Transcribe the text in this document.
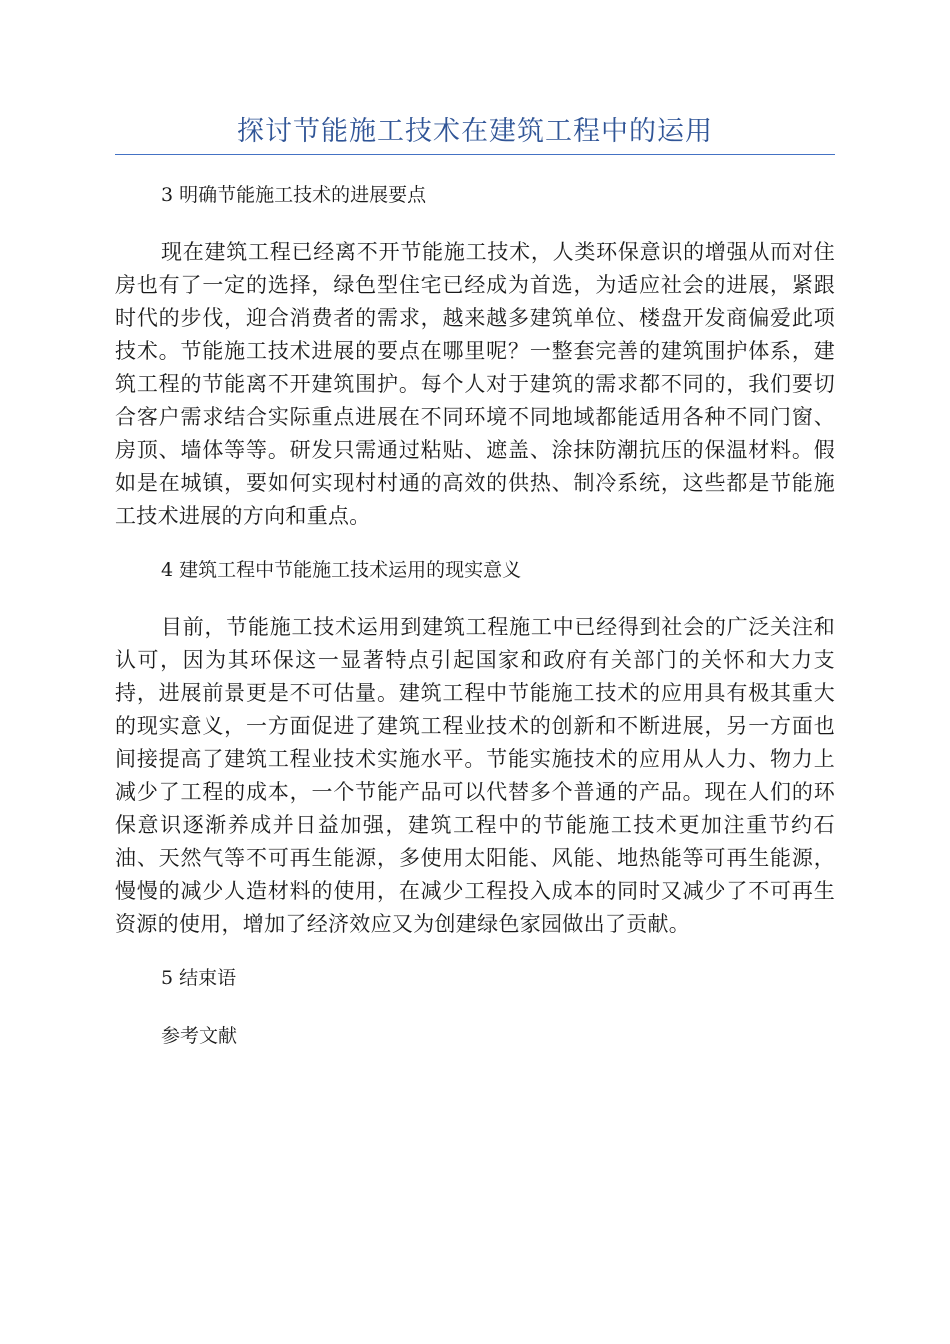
探讨节能施工技术在建筑工程中的运用
3 明确节能施工技术的进展要点

现在建筑工程已经离不开节能施工技术，人类环保意识的增强从而对住房也有了一定的选择，绿色型住宅已经成为首选，为适应社会的进展，紧跟时代的步伐，迎合消费者的需求，越来越多建筑单位、楼盘开发商偏爱此项技术。节能施工技术进展的要点在哪里呢？一整套完善的建筑围护体系，建筑工程的节能离不开建筑围护。每个人对于建筑的需求都不同的，我们要切合客户需求结合实际重点进展在不同环境不同地域都能适用各种不同门窗、房顶、墙体等等。研发只需通过粘贴、遮盖、涂抹防潮抗压的保温材料。假如是在城镇，要如何实现村村通的高效的供热、制冷系统，这些都是节能施工技术进展的方向和重点。

4 建筑工程中节能施工技术运用的现实意义

目前，节能施工技术运用到建筑工程施工中已经得到社会的广泛关注和认可，因为其环保这一显著特点引起国家和政府有关部门的关怀和大力支持，进展前景更是不可估量。建筑工程中节能施工技术的应用具有极其重大的现实意义，一方面促进了建筑工程业技术的创新和不断进展，另一方面也间接提高了建筑工程业技术实施水平。节能实施技术的应用从人力、物力上减少了工程的成本，一个节能产品可以代替多个普通的产品。现在人们的环保意识逐渐养成并日益加强，建筑工程中的节能施工技术更加注重节约石油、天然气等不可再生能源，多使用太阳能、风能、地热能等可再生能源，慢慢的减少人造材料的使用，在减少工程投入成本的同时又减少了不可再生资源的使用，增加了经济效应又为创建绿色家园做出了贡献。

5 结束语
参考文献
